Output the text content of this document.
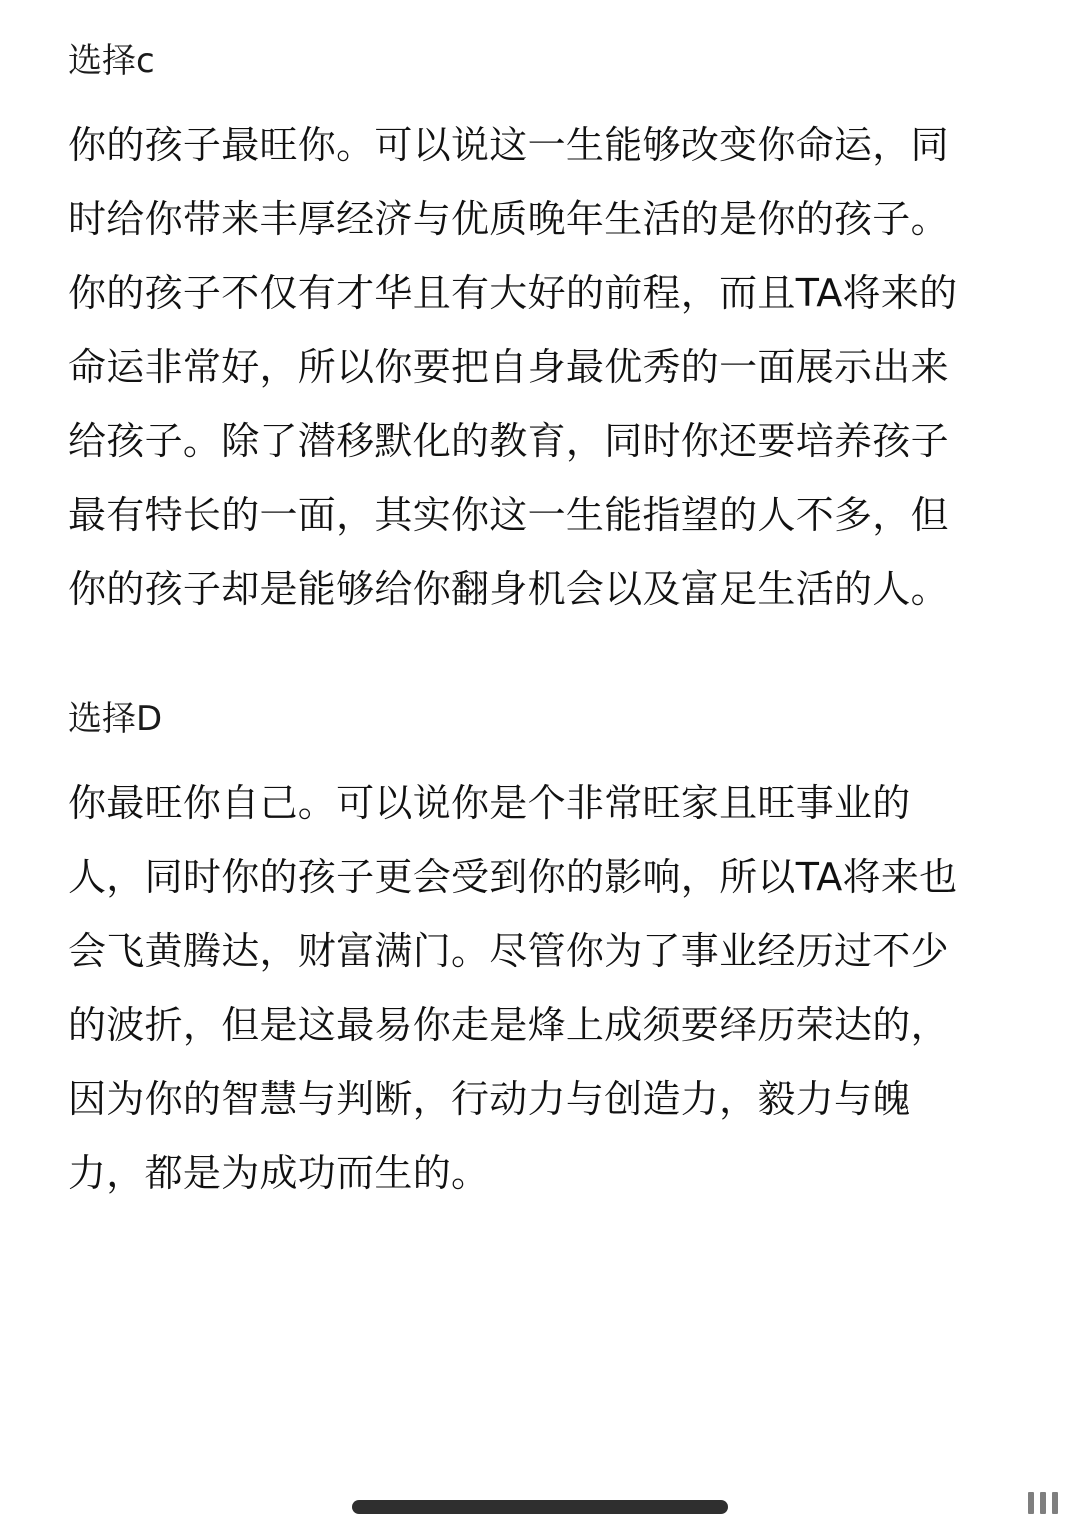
选择c
你的孩子最旺你。可以说这一生能够改变你命运，同
时给你带来丰厚经济与优质晚年生活的是你的孩子。
你的孩子不仅有才华且有大好的前程，而且TA将来的
命运非常好，所以你要把自身最优秀的一面展示出来
给孩子。除了潜移默化的教育，同时你还要培养孩子
最有特长的一面，其实你这一生能指望的人不多，但
你的孩子却是能够给你翻身机会以及富足生活的人。
选择D
你最旺你自己。可以说你是个非常旺家且旺事业的
人，同时你的孩子更会受到你的影响，所以TA将来也
会飞黄腾达，财富满门。尽管你为了事业经历过不少
的波折，但是这最易你走是烽上成须要绎历荣达的，
因为你的智慧与判断，行动力与创造力，毅力与魄
力，都是为成功而生的。
